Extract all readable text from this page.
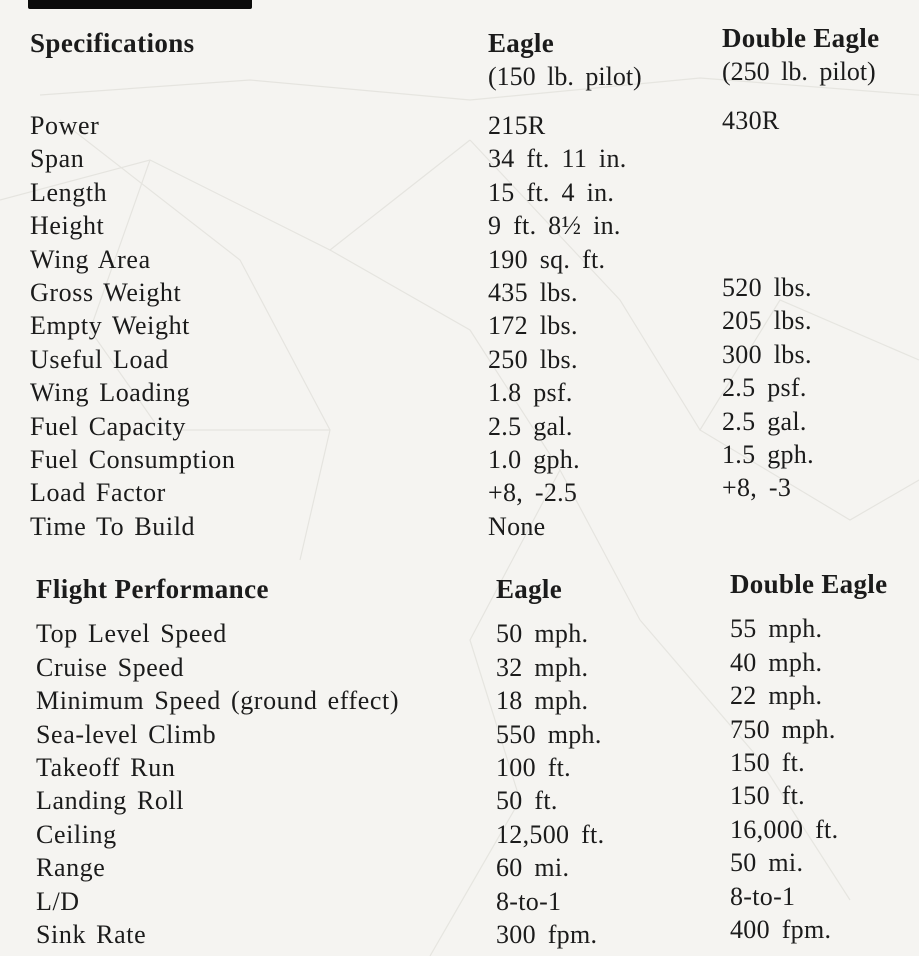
Specifications	Eagle
(150 lb. pilot)
Double Eagle
(250 lb. pilot)
Power	215R	430R
Span	34 ft. 11 in.
Length	15 ft. 4 in.
Height	9 ft. 8½ in.
Wing Area	190 sq. ft.
Gross Weight	435 lbs.	520 lbs.
Empty Weight	172 lbs.	205 lbs.
Useful Load	250 lbs.	300 lbs.
Wing Loading	1.8 psf.	2.5 psf.
Fuel Capacity	2.5 gal.	2.5 gal.
Fuel Consumption	1.0 gph.	1.5 gph.
Load Factor	+8, -2.5	+8, -3
Time To Build	None
Flight Performance	Eagle	Double Eagle
Top Level Speed	50 mph.	55 mph.
Cruise Speed	32 mph.	40 mph.
Minimum Speed (ground effect)	18 mph.	22 mph.
Sea-level Climb	550 mph.	750 mph.
Takeoff Run	100 ft.	150 ft.
Landing Roll	50 ft.	150 ft.
Ceiling	12,500 ft.	16,000 ft.
Range	60 mi.	50 mi.
L/D	8-to-1	8-to-1
Sink Rate	300 fpm.	400 fpm.
